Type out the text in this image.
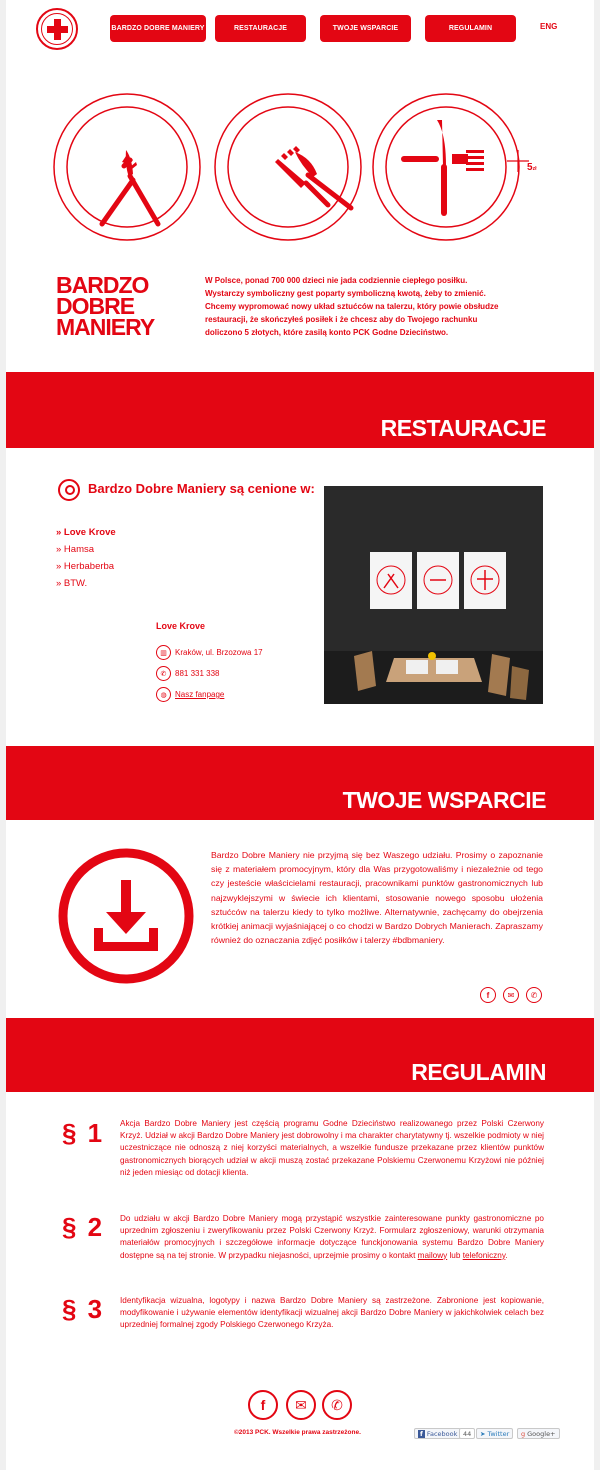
BARDZO DOBRE MANIERY	RESTAURACJE	TWOJE WSPARCIE	REGULAMIN	ENG
5zł
BARDZO
DOBRE
MANIERY
W Polsce, ponad 700 000 dzieci nie jada codziennie ciepłego posiłku. Wystarczy symboliczny gest poparty symboliczną kwotą, żeby to zmienić. Chcemy wypromować nowy układ sztućców na talerzu, który powie obsłudze restauracji, że skończyłeś posiłek i że chcesz aby do Twojego rachunku doliczono 5 złotych, które zasilą konto PCK Godne Dzieciństwo.
RESTAURACJE
Bardzo Dobre Maniery są cenione w:
» Love Krove
» Hamsa
» Herbaberba
» BTW.
Love Krove
▥	Kraków, ul. Brzozowa 17
✆	881 331 338
◍	Nasz fanpage
TWOJE WSPARCIE
Bardzo Dobre Maniery nie przyjmą się bez Waszego udziału. Prosimy o zapoznanie się z materiałem promocyjnym, który dla Was przygotowaliśmy i niezależnie od tego czy jesteście właścicielami restauracji, pracownikami punktów gastronomicznych lub najzwyklejszymi w świecie ich klientami, stosowanie nowego sposobu ułożenia sztućców na talerzu kiedy to tylko możliwe. Alternatywnie, zachęcamy do obejrzenia krótkiej animacji wyjaśniającej o co chodzi w Bardzo Dobrych Manierach. Zapraszamy również do oznaczania zdjęć posiłków i talerzy #bdbmaniery.
f	✉	✆
REGULAMIN
§ 1 Akcja Bardzo Dobre Maniery jest częścią programu Godne Dzieciństwo realizowanego przez Polski Czerwony Krzyż. Udział w akcji Bardzo Dobre Maniery jest dobrowolny i ma charakter charytatywny tj. wszelkie podmioty w niej uczestniczące nie odnoszą z niej korzyści materialnych, a wszelkie fundusze przekazane przez klientów punktów gastronomicznych biorących udział w akcji muszą zostać przekazane Polskiemu Czerwonemu Krzyżowi nie później niż jeden miesiąc od dotacji klienta.
§ 2 Do udziału w akcji Bardzo Dobre Maniery mogą przystąpić wszystkie zainteresowane punkty gastronomiczne po uprzednim zgłoszeniu i zweryfikowaniu przez Polski Czerwony Krzyż. Formularz zgłoszeniowy, warunki otrzymania materiałów promocyjnych i szczegółowe informacje dotyczące funckjonowania systemu Bardzo Dobre Maniery dostępne są na tej stronie. W przypadku niejasności, uprzejmie prosimy o kontakt mailowy lub telefoniczny.
§ 3 Identyfikacja wizualna, logotypy i nazwa Bardzo Dobre Maniery są zastrzeżone. Zabronione jest kopiowanie, modyfikowanie i używanie elementów identyfikacji wizualnej akcji Bardzo Dobre Maniery w jakichkolwiek celach bez uprzedniej formalnej zgody Polskiego Czerwonego Krzyża.
f	✉	✆
©2013 PCK. Wszelkie prawa zastrzeżone.	f Facebook 44	➤ Twitter g Google+
